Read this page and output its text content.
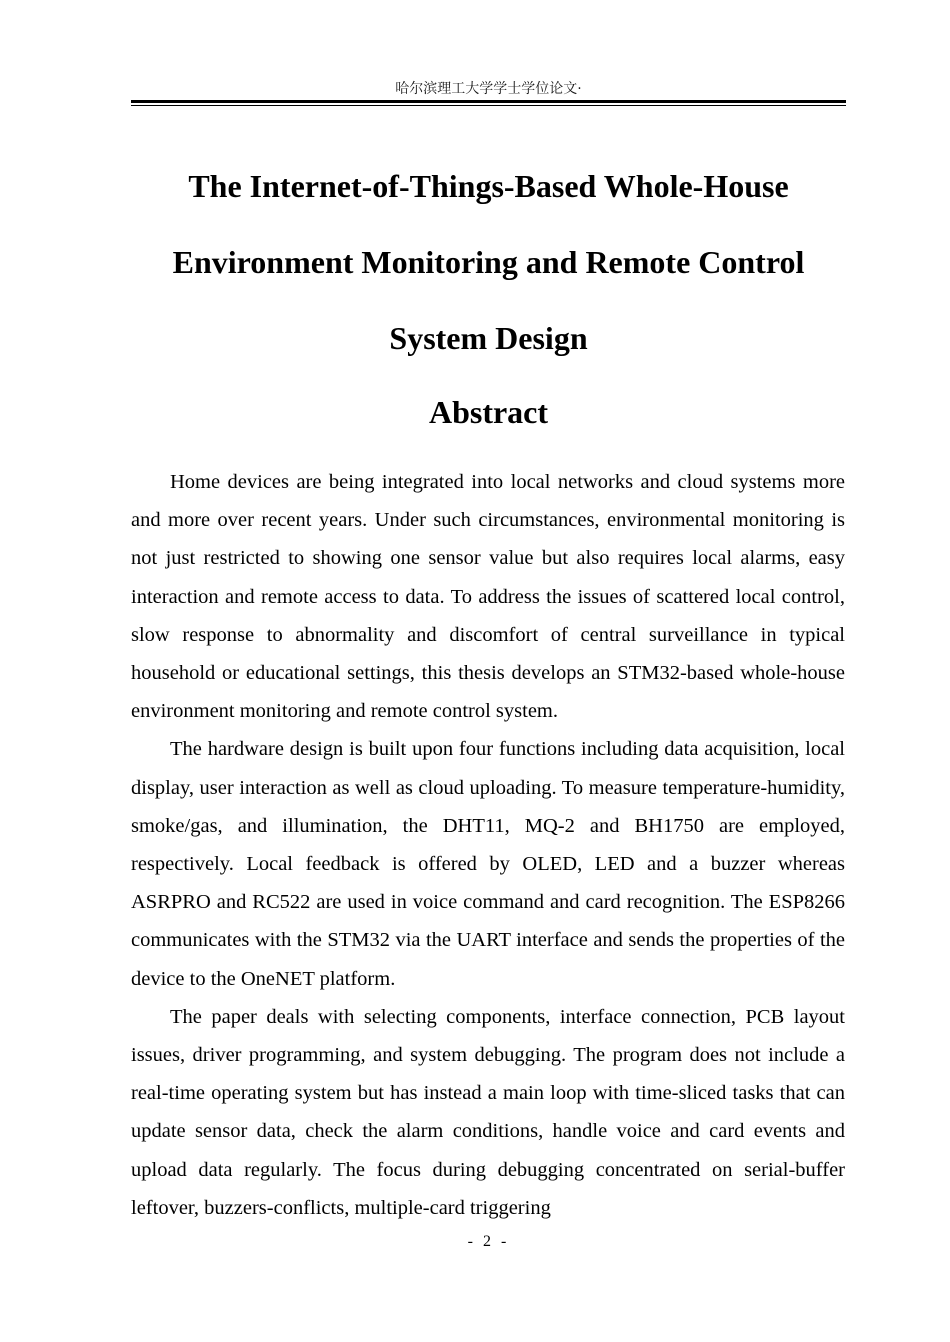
哈尔滨理工大学学士学位论文·
The Internet-of-Things-Based Whole-House
Environment Monitoring and Remote Control
System Design
Abstract

Home devices are being integrated into local networks and cloud systems more and more over recent years. Under such circumstances, environmental monitoring is not just restricted to showing one sensor value but also requires local alarms, easy interaction and remote access to data. To address the issues of scattered local control, slow response to abnormality and discomfort of central surveillance in typical household or educational settings, this thesis develops an STM32-based whole-house environment monitoring and remote control system.

The hardware design is built upon four functions including data acquisition, local display, user interaction as well as cloud uploading. To measure temperature-humidity, smoke/gas, and illumination, the DHT11, MQ-2 and BH1750 are employed, respectively. Local feedback is offered by OLED, LED and a buzzer whereas ASRPRO and RC522 are used in voice command and card recognition. The ESP8266 communicates with the STM32 via the UART interface and sends the properties of the device to the OneNET platform.

The paper deals with selecting components, interface connection, PCB layout issues, driver programming, and system debugging. The program does not include a real-time operating system but has instead a main loop with time-sliced tasks that can update sensor data, check the alarm conditions, handle voice and card events and upload data regularly. The focus during debugging concentrated on serial-buffer leftover, buzzers-conflicts, multiple-card triggering

- 2 -
